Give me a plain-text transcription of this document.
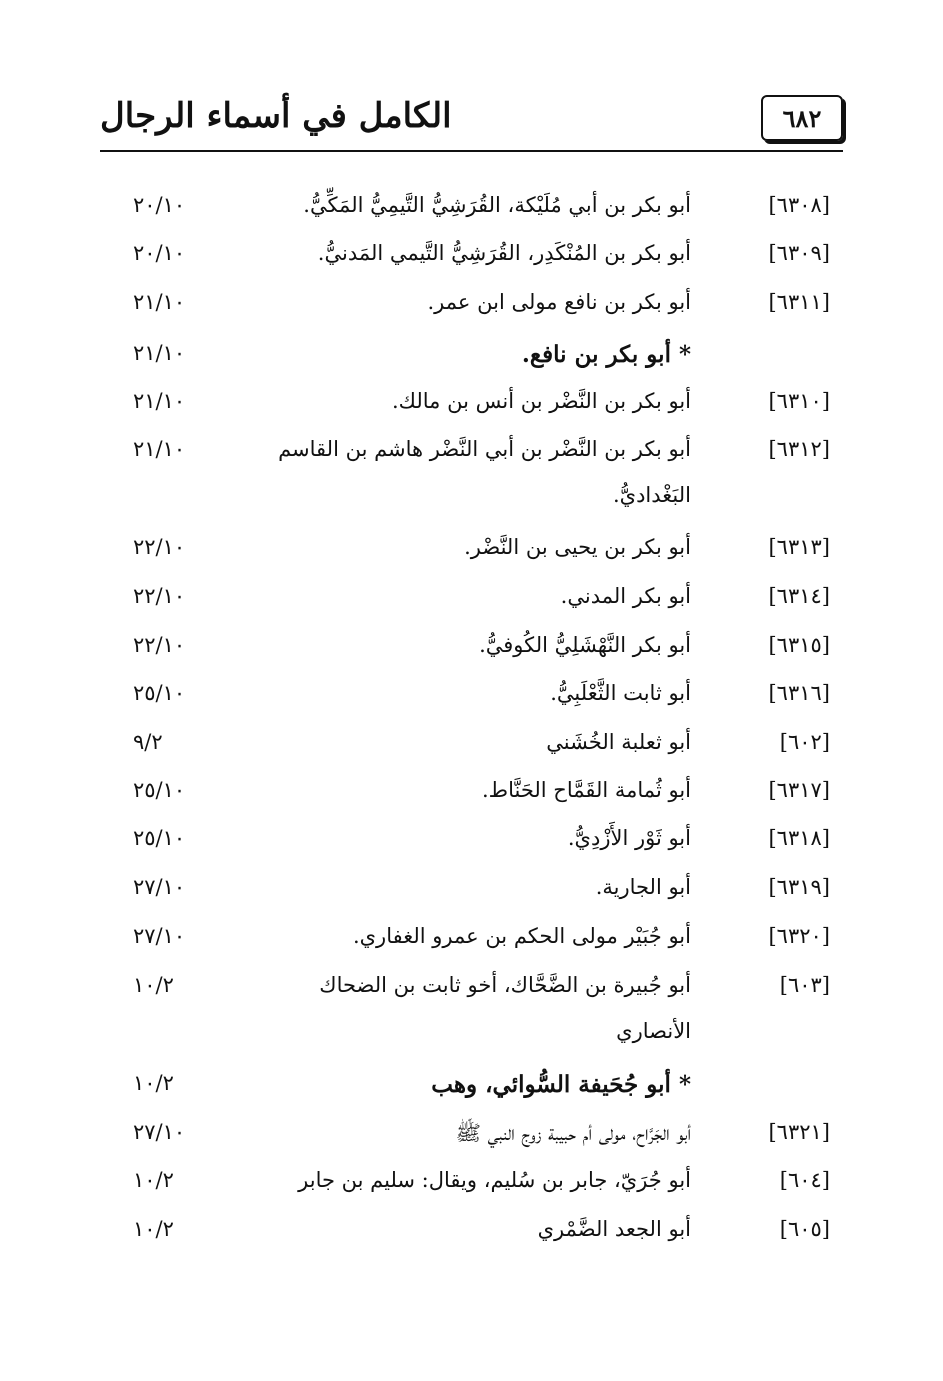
الكامل في أسماء الرجال	٦٨٢
[٦٣٠٨]
أبو بكر بن أبي مُلَيْكة، القُرَشِيُّ التَّيمِيُّ المَكِّيُّ.
٢٠/١٠
[٦٣٠٩]
أبو بكر بن المُنْكَدِر، القُرَشِيُّ التَّيمي المَدنيُّ.
٢٠/١٠
[٦٣١١]
أبو بكر بن نافع مولى ابن عمر.
٢١/١٠
* أبو بكر بن نافع.
٢١/١٠
[٦٣١٠]
أبو بكر بن النَّضْر بن أنس بن مالك.
٢١/١٠
[٦٣١٢]
أبو بكر بن النَّضْر بن أبي النَّضْر هاشم بن القاسم
٢١/١٠
البَغْداديُّ.
[٦٣١٣]
أبو بكر بن يحيى بن النَّضْر.
٢٢/١٠
[٦٣١٤]
أبو بكر المدني.
٢٢/١٠
[٦٣١٥]
أبو بكر النَّهْشَلِيُّ الكُوفيُّ.
٢٢/١٠
[٦٣١٦]
أبو ثابت الثَّعْلَبِيُّ.
٢٥/١٠
[٦٠٢]
أبو ثعلبة الخُشَني
٩/٢
[٦٣١٧]
أبو ثُمامة القَمَّاح الحَنَّاط.
٢٥/١٠
[٦٣١٨]
أبو ثَوْر الأَزْدِيُّ.
٢٥/١٠
[٦٣١٩]
أبو الجارية.
٢٧/١٠
[٦٣٢٠]
أبو جُبَيْر مولى الحكم بن عمرو الغفاري.
٢٧/١٠
[٦٠٣]
أبو جُبيرة بن الضَّحَّاك، أخو ثابت بن الضحاك
١٠/٢
الأنصاري
* أبو جُحَيفة السُّوائي، وهب
١٠/٢
[٦٣٢١]
أبو الجَرَّاح، مولى أم حبيبة زوج النبي ﷺ
٢٧/١٠
[٦٠٤]
أبو جُرَيّ، جابر بن سُليم، ويقال: سليم بن جابر
١٠/٢
[٦٠٥]
أبو الجعد الضَّمْري
١٠/٢
